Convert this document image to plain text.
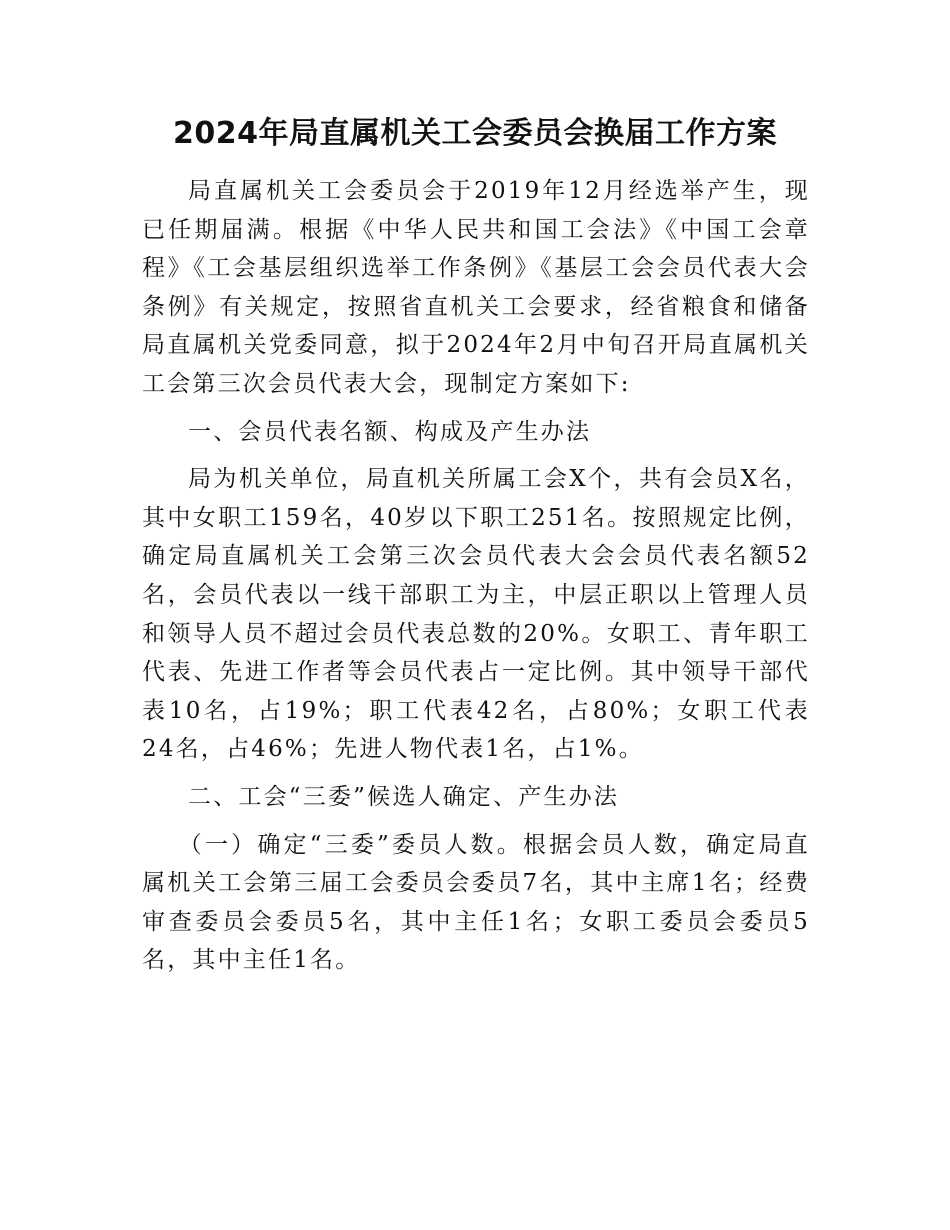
2024年局直属机关工会委员会换届工作方案

局直属机关工会委员会于2019年12月经选举产生，现已任期届满。根据《中华人民共和国工会法》《中国工会章程》《工会基层组织选举工作条例》《基层工会会员代表大会条例》有关规定，按照省直机关工会要求，经省粮食和储备局直属机关党委同意，拟于2024年2月中旬召开局直属机关工会第三次会员代表大会，现制定方案如下:

一、会员代表名额、构成及产生办法

局为机关单位，局直机关所属工会X个，共有会员X名，其中女职工159名，40岁以下职工251名。按照规定比例，确定局直属机关工会第三次会员代表大会会员代表名额52名，会员代表以一线干部职工为主，中层正职以上管理人员和领导人员不超过会员代表总数的20%。女职工、青年职工代表、先进工作者等会员代表占一定比例。其中领导干部代表10名，占19%；职工代表42名，占80%；女职工代表24名，占46%；先进人物代表1名，占1%。

二、工会“三委”候选人确定、产生办法

（一）确定“三委”委员人数。根据会员人数，确定局直属机关工会第三届工会委员会委员7名，其中主席1名；经费审查委员会委员5名，其中主任1名；女职工委员会委员5名，其中主任1名。
